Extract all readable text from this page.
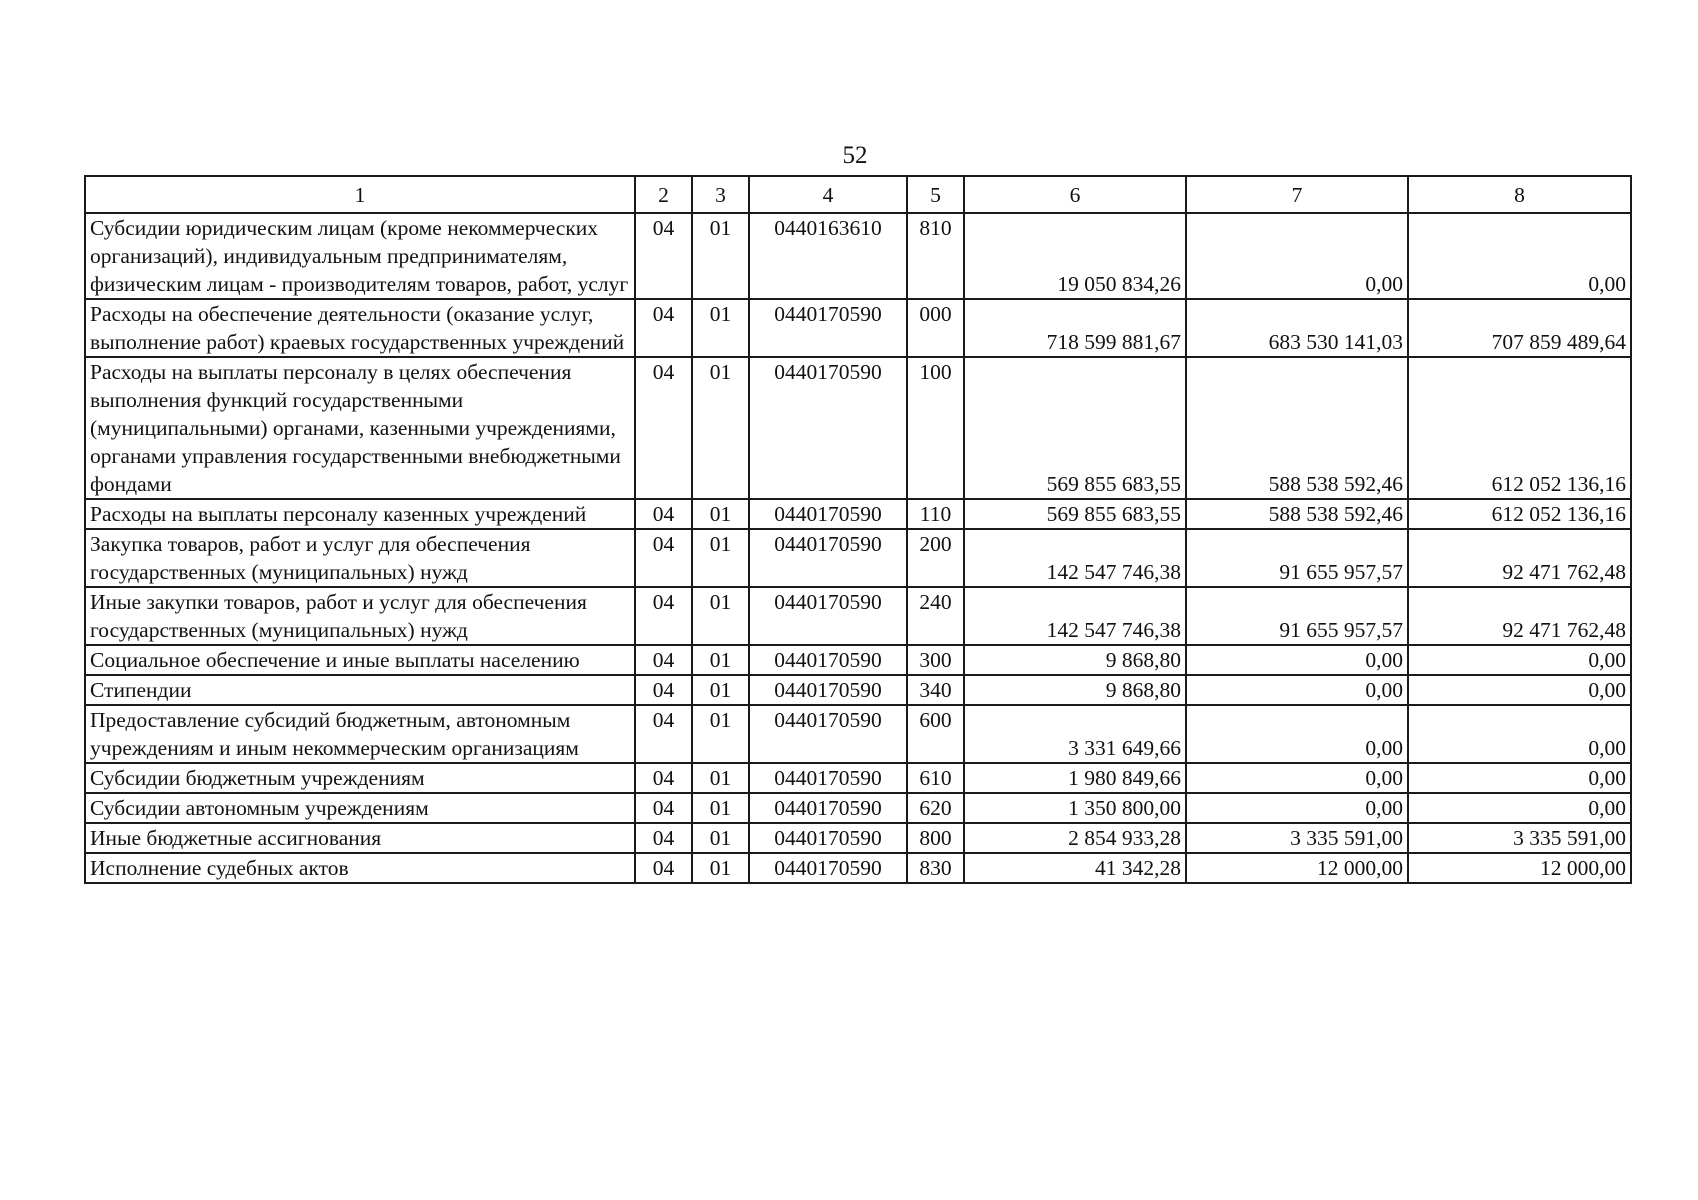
52
1	2	3	4	5	6	7	8
Субсидии юридическим лицам (кроме некоммерческих организаций), индивидуальным предпринимателям, физическим лицам - производителям товаров, работ, услуг	04	01	0440163610	810	19 050 834,26	0,00	0,00
Расходы на обеспечение деятельности (оказание услуг, выполнение работ) краевых государственных учреждений	04	01	0440170590	000	718 599 881,67	683 530 141,03	707 859 489,64
Расходы на выплаты персоналу в целях обеспечения выполнения функций государственными (муниципальными) органами, казенными учреждениями, органами управления государственными внебюджетными фондами	04	01	0440170590	100	569 855 683,55	588 538 592,46	612 052 136,16
Расходы на выплаты персоналу казенных учреждений	04	01	0440170590	110	569 855 683,55	588 538 592,46	612 052 136,16
Закупка товаров, работ и услуг для обеспечения государственных (муниципальных) нужд	04	01	0440170590	200	142 547 746,38	91 655 957,57	92 471 762,48
Иные закупки товаров, работ и услуг для обеспечения государственных (муниципальных) нужд	04	01	0440170590	240	142 547 746,38	91 655 957,57	92 471 762,48
Социальное обеспечение и иные выплаты населению	04	01	0440170590	300	9 868,80	0,00	0,00
Стипендии	04	01	0440170590	340	9 868,80	0,00	0,00
Предоставление субсидий бюджетным, автономным учреждениям и иным некоммерческим организациям	04	01	0440170590	600	3 331 649,66	0,00	0,00
Субсидии бюджетным учреждениям	04	01	0440170590	610	1 980 849,66	0,00	0,00
Субсидии автономным учреждениям	04	01	0440170590	620	1 350 800,00	0,00	0,00
Иные бюджетные ассигнования	04	01	0440170590	800	2 854 933,28	3 335 591,00	3 335 591,00
Исполнение судебных актов	04	01	0440170590	830	41 342,28	12 000,00	12 000,00
